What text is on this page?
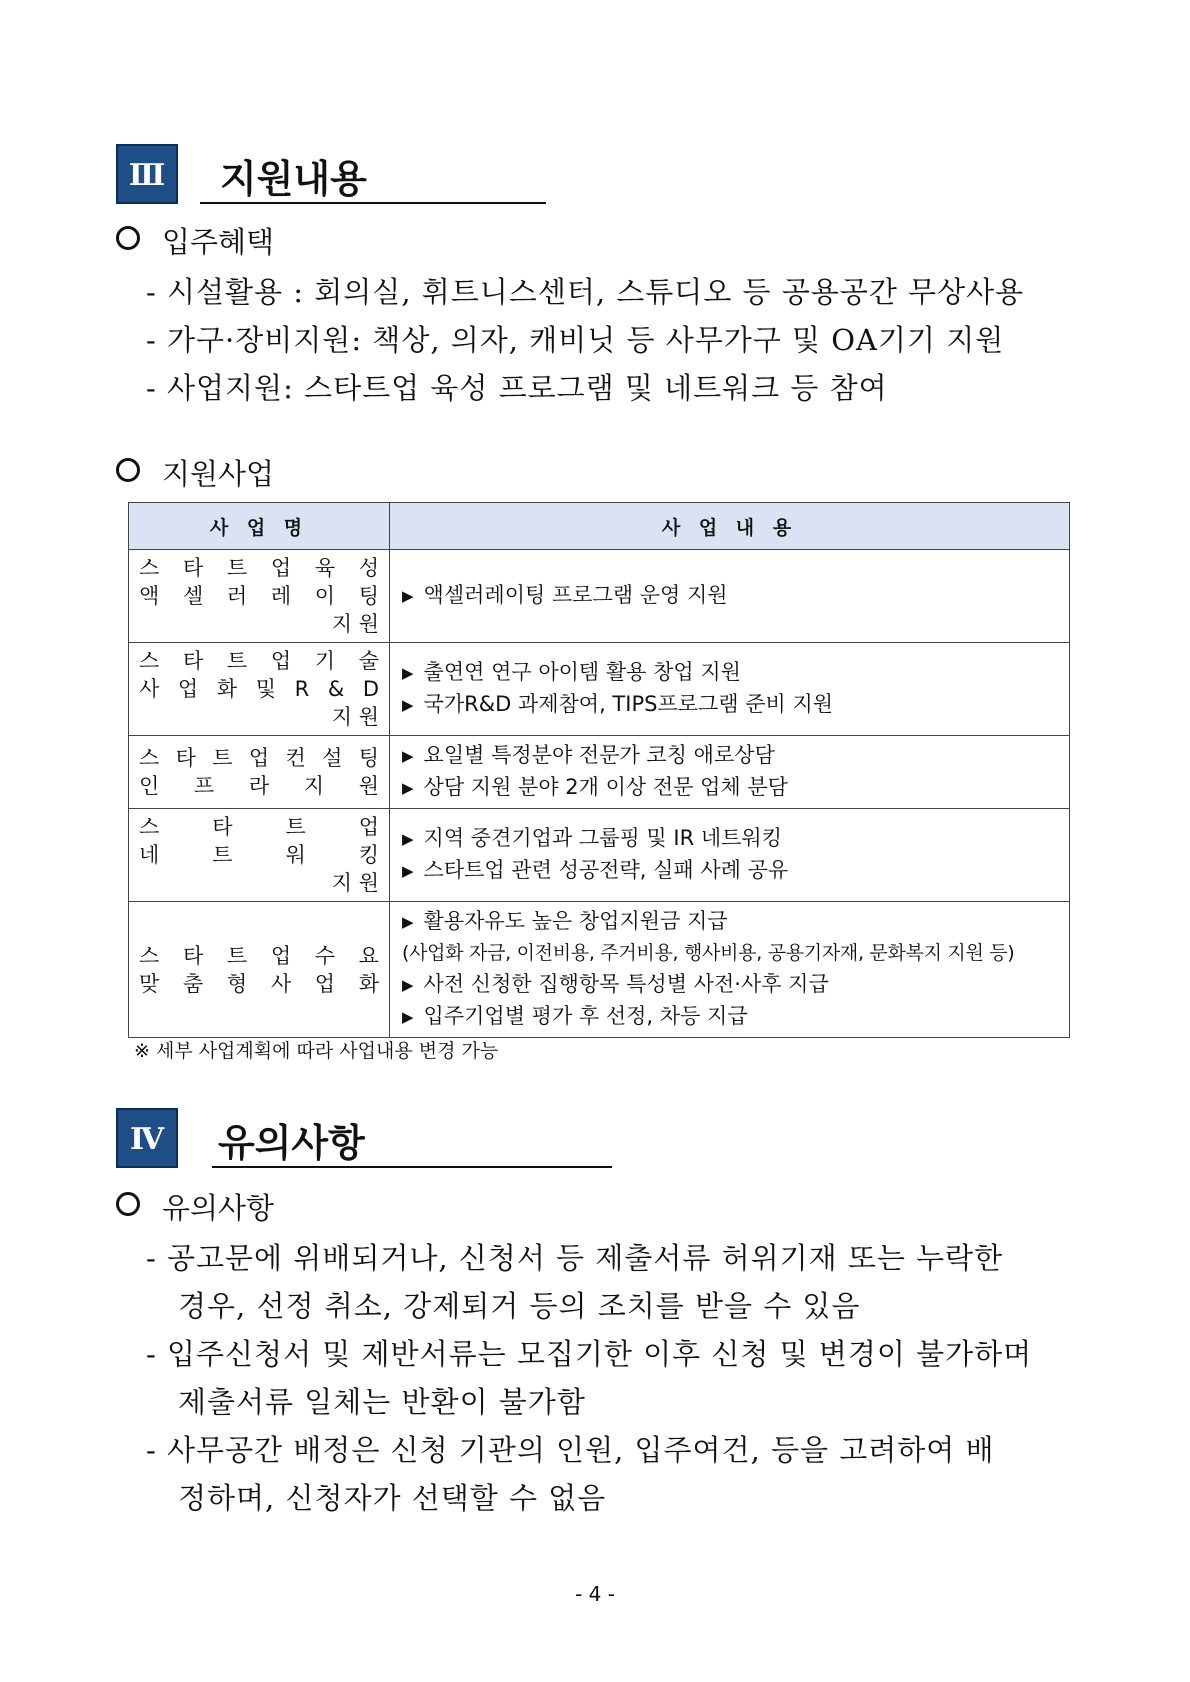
Ⅲ	지원내용
입주혜택
- 시설활용 : 회의실, 휘트니스센터, 스튜디오 등 공용공간 무상사용
- 가구·장비지원: 책상, 의자, 캐비닛 등 사무가구 및 OA기기 지원
- 사업지원: 스타트업 육성 프로그램 및 네트워크 등 참여
지원사업
사 업 명	사 업 내 용

스 타 트 업 육 성
액 셀 러 레 이 팅
지 원	▶ 액셀러레이팅 프로그램 운영 지원

스 타 트 업 기 술
사 업 화 및 R & D
지 원	▶ 출연연 연구 아이템 활용 창업 지원
▶ 국가R&D 과제참여, TIPS프로그램 준비 지원

스 타 트 업 컨 설 팅
인 프 라 지 원	▶ 요일별 특정분야 전문가 코칭 애로상담
▶ 상담 지원 분야 2개 이상 전문 업체 분담

스 타 트 업
네 트 워 킹
지 원	▶ 지역 중견기업과 그룹핑 및 IR 네트워킹
▶ 스타트업 관련 성공전략, 실패 사례 공유

스 타 트 업 수 요
맞 춤 형 사 업 화	▶ 활용자유도 높은 창업지원금 지급
(사업화 자금, 이전비용, 주거비용, 행사비용, 공용기자재, 문화복지 지원 등)
▶ 사전 신청한 집행항목 특성별 사전·사후 지급
▶ 입주기업별 평가 후 선정, 차등 지급
※ 세부 사업계획에 따라 사업내용 변경 가능
Ⅳ	유의사항
유의사항
- 공고문에 위배되거나, 신청서 등 제출서류 허위기재 또는 누락한
경우, 선정 취소, 강제퇴거 등의 조치를 받을 수 있음
- 입주신청서 및 제반서류는 모집기한 이후 신청 및 변경이 불가하며
제출서류 일체는 반환이 불가함
- 사무공간 배정은 신청 기관의 인원, 입주여건, 등을 고려하여 배
정하며, 신청자가 선택할 수 없음
- 4 -
